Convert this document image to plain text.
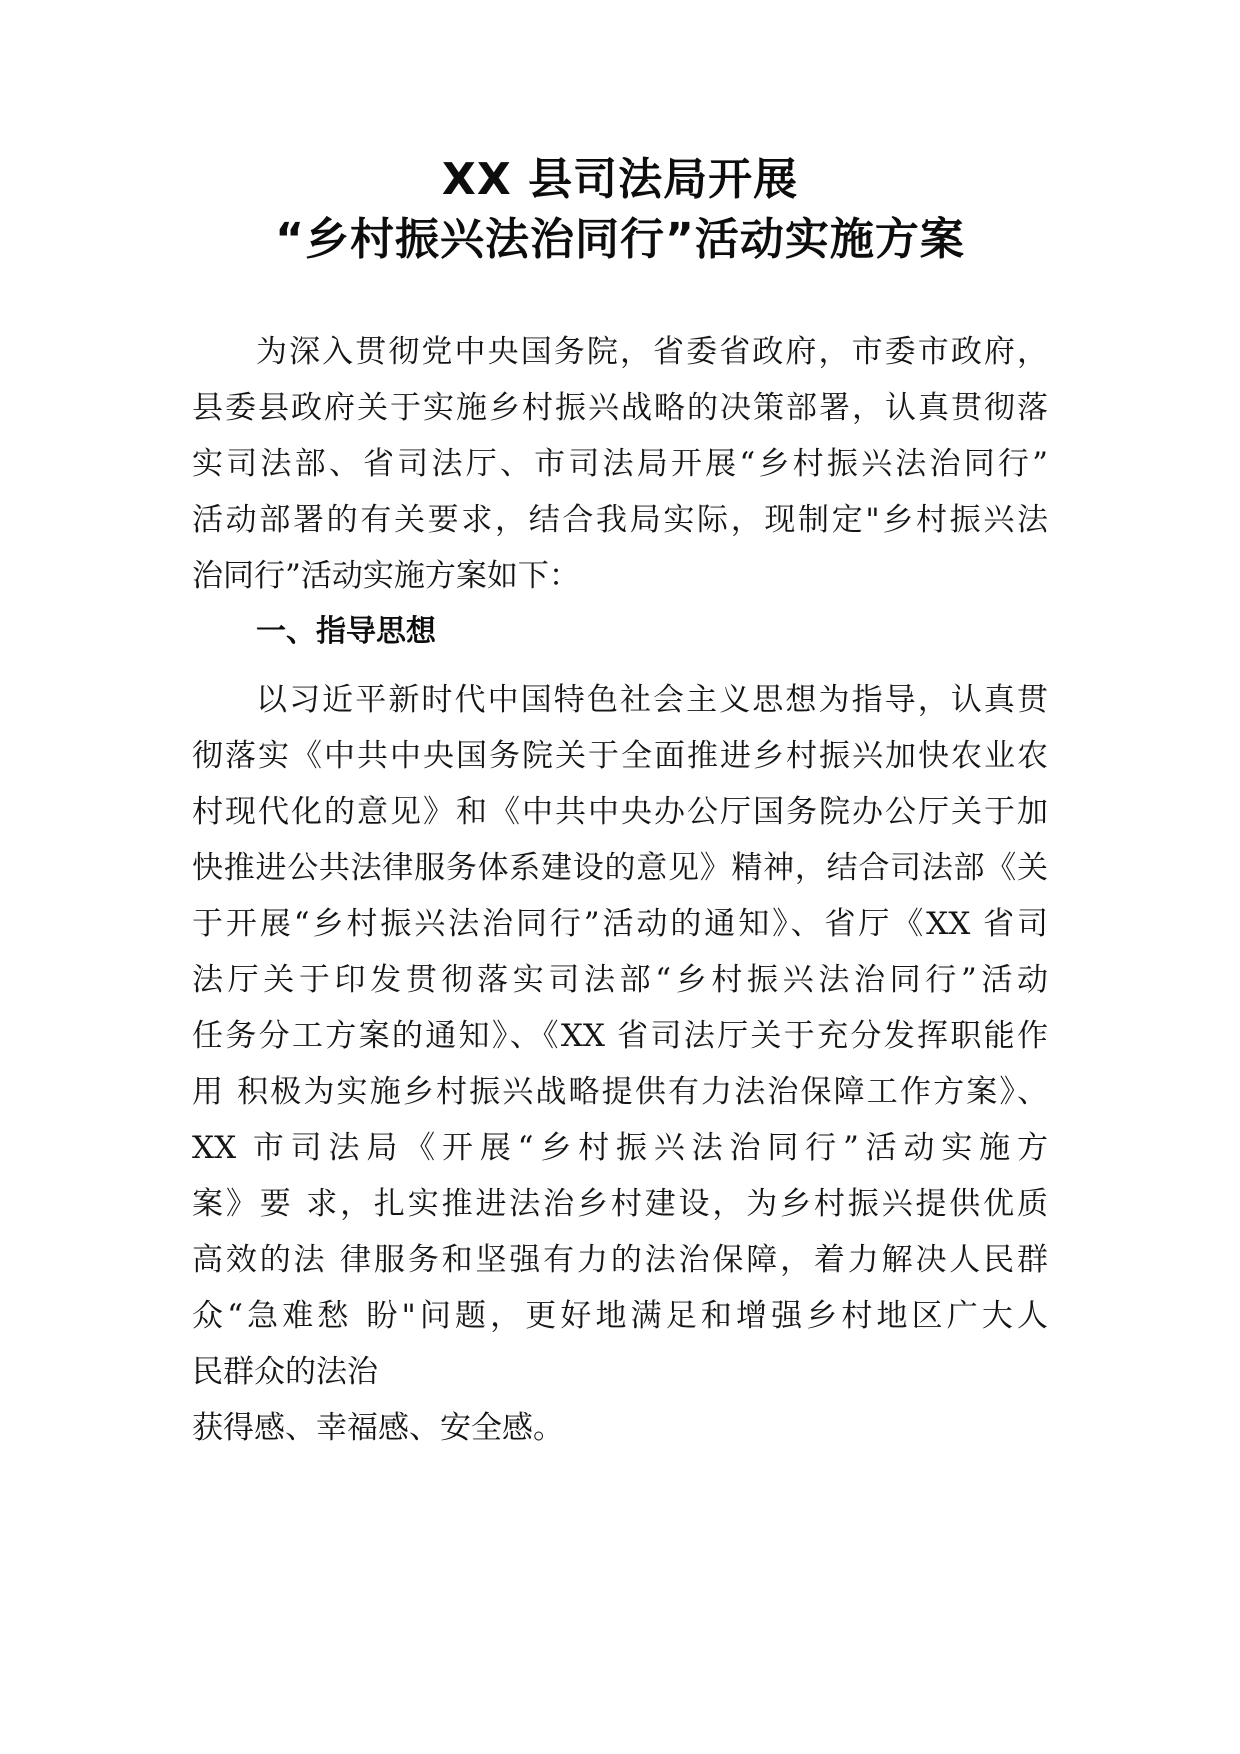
XX 县司法局开展
“乡村振兴法治同行”活动实施方案

为深入贯彻党中央国务院，省委省政府，市委市政府，

县委县政府关于实施乡村振兴战略的决策部署，认真贯彻落

实司法部、省司法厅、市司法局开展“乡村振兴法治同行”

活动部署的有关要求，结合我局实际，现制定"乡村振兴法

治同行”活动实施方案如下：

一、指导思想

以习近平新时代中国特色社会主义思想为指导，认真贯

彻落实《中共中央国务院关于全面推进乡村振兴加快农业农

村现代化的意见》和《中共中央办公厅国务院办公厅关于加

快推进公共法律服务体系建设的意见》精神，结合司法部《关

于开展“乡村振兴法治同行”活动的通知》、省厅《XX 省司

法厅关于印发贯彻落实司法部“乡村振兴法治同行”活动

任务分工方案的通知》、《XX 省司法厅关于充分发挥职能作

用 积极为实施乡村振兴战略提供有力法治保障工作方案》、

XX 市司法局《开展“乡村振兴法治同行”活动实施方

案》要 求，扎实推进法治乡村建设，为乡村振兴提供优质

高效的法 律服务和坚强有力的法治保障，着力解决人民群

众“急难愁 盼"问题，更好地满足和增强乡村地区广大人

民群众的法治

获得感、幸福感、安全感。
